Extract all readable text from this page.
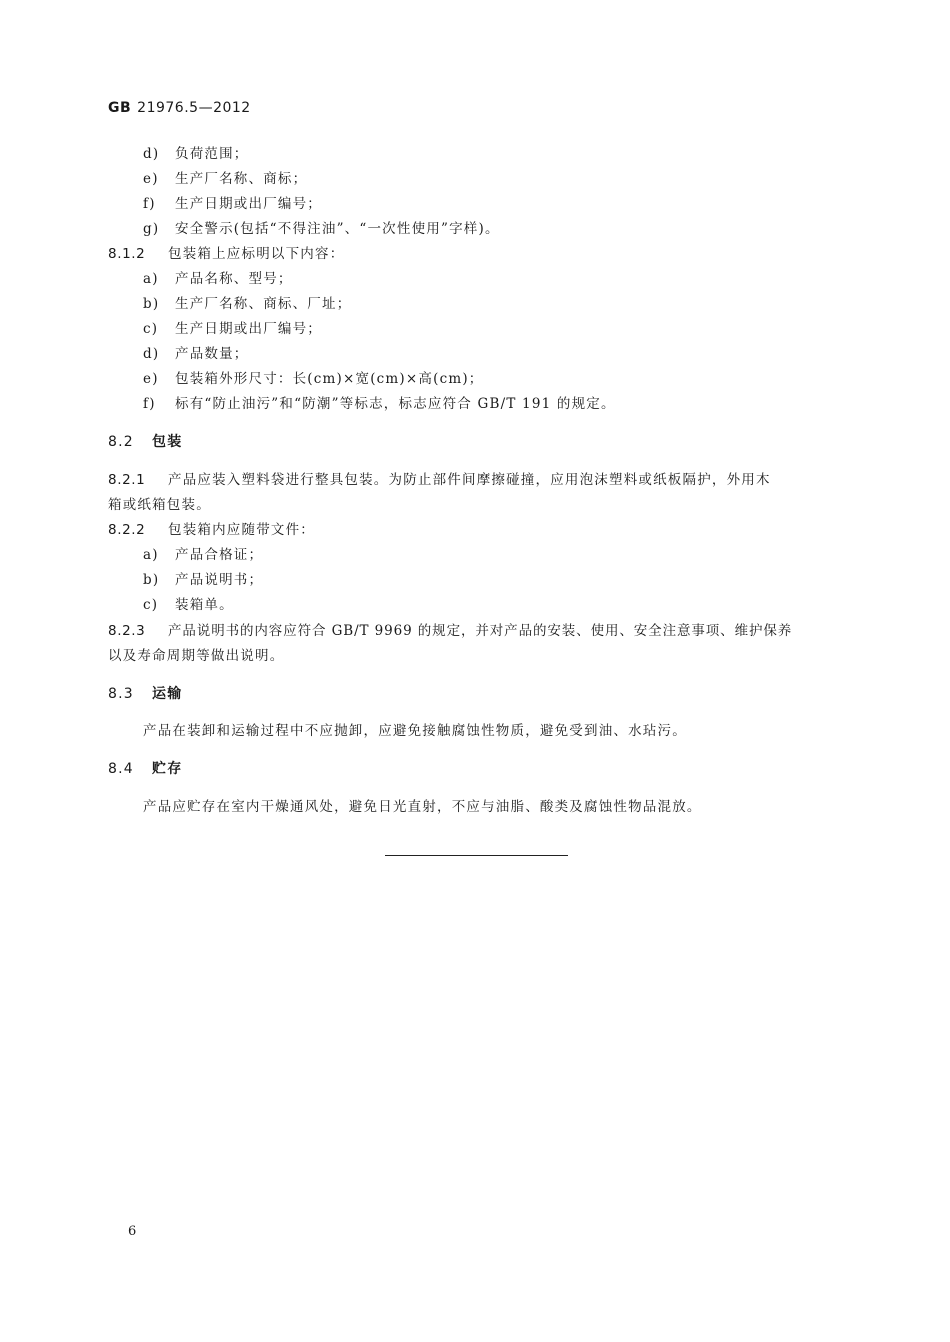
GB 21976.5—2012
d) 负荷范围；
e) 生产厂名称、商标；
f) 生产日期或出厂编号；
g) 安全警示(包括“不得注油”、“一次性使用”字样)。
8.1.2 包装箱上应标明以下内容：
a) 产品名称、型号；
b) 生产厂名称、商标、厂址；
c) 生产日期或出厂编号；
d) 产品数量；
e) 包装箱外形尺寸：长(cm)×宽(cm)×高(cm)；
f) 标有“防止油污”和“防潮”等标志，标志应符合 GB/T 191 的规定。
8.2 包装
8.2.1 产品应装入塑料袋进行整具包装。为防止部件间摩擦碰撞，应用泡沫塑料或纸板隔护，外用木
箱或纸箱包装。
8.2.2 包装箱内应随带文件：
a) 产品合格证；
b) 产品说明书；
c) 装箱单。
8.2.3 产品说明书的内容应符合 GB/T 9969 的规定，并对产品的安装、使用、安全注意事项、维护保养
以及寿命周期等做出说明。
8.3 运输
产品在装卸和运输过程中不应抛卸，应避免接触腐蚀性物质，避免受到油、水玷污。
8.4 贮存
产品应贮存在室内干燥通风处，避免日光直射，不应与油脂、酸类及腐蚀性物品混放。
6
